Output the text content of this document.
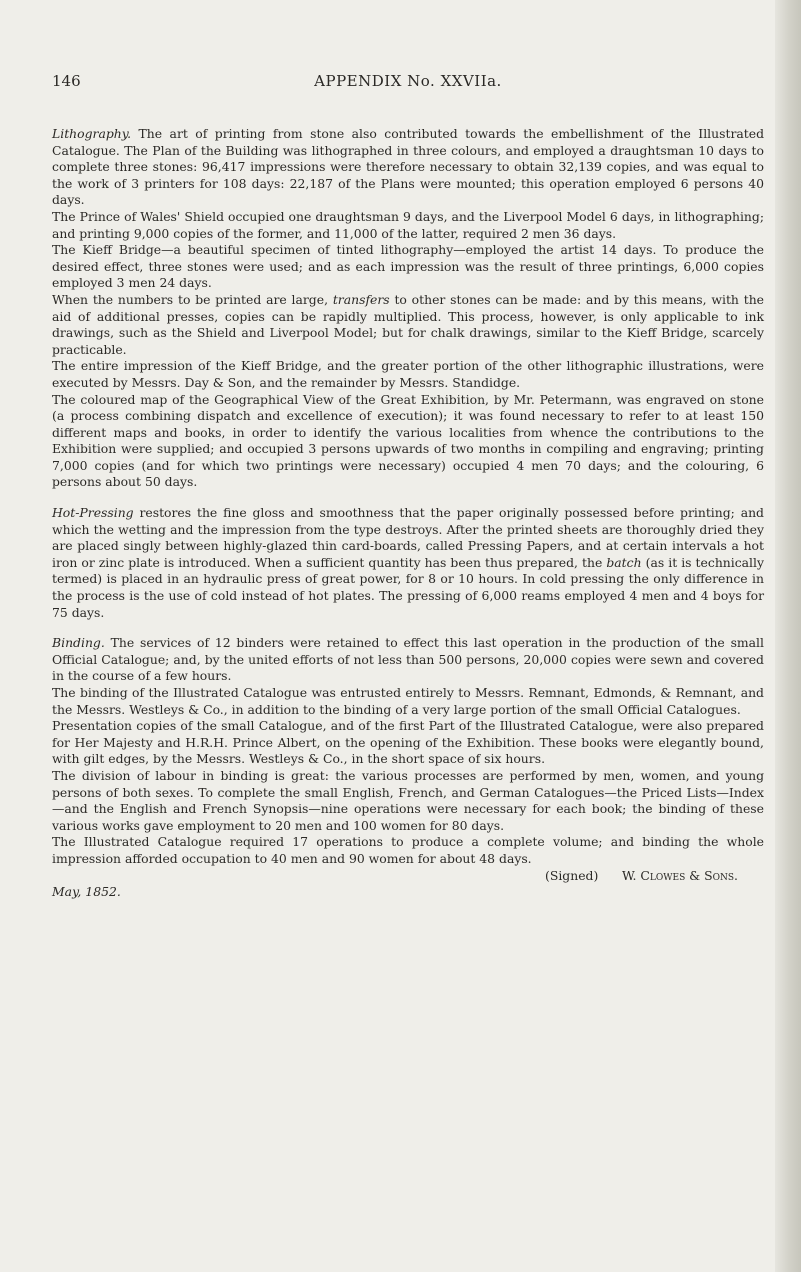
146	APPENDIX No. XXVIIa.

Lithography. The art of printing from stone also contributed towards the embellishment of the Illustrated Catalogue. The Plan of the Building was lithographed in three colours, and employed a draughtsman 10 days to complete three stones: 96,417 impressions were therefore necessary to obtain 32,139 copies, and was equal to the work of 3 printers for 108 days: 22,187 of the Plans were mounted; this operation employed 6 persons 40 days.

The Prince of Wales' Shield occupied one draughtsman 9 days, and the Liverpool Model 6 days, in lithographing; and printing 9,000 copies of the former, and 11,000 of the latter, required 2 men 36 days.

The Kieff Bridge—a beautiful specimen of tinted lithography—employed the artist 14 days. To produce the desired effect, three stones were used; and as each impression was the result of three printings, 6,000 copies employed 3 men 24 days.

When the numbers to be printed are large, transfers to other stones can be made: and by this means, with the aid of additional presses, copies can be rapidly multiplied. This process, however, is only applicable to ink drawings, such as the Shield and Liverpool Model; but for chalk drawings, similar to the Kieff Bridge, scarcely practicable.

The entire impression of the Kieff Bridge, and the greater portion of the other lithographic illustrations, were executed by Messrs. Day & Son, and the remainder by Messrs. Standidge.

The coloured map of the Geographical View of the Great Exhibition, by Mr. Petermann, was engraved on stone (a process combining dispatch and excellence of execution); it was found necessary to refer to at least 150 different maps and books, in order to identify the various localities from whence the contributions to the Exhibition were supplied; and occupied 3 persons upwards of two months in compiling and engraving; printing 7,000 copies (and for which two printings were necessary) occupied 4 men 70 days; and the colouring, 6 persons about 50 days.

Hot-Pressing restores the fine gloss and smoothness that the paper originally possessed before printing; and which the wetting and the impression from the type destroys. After the printed sheets are thoroughly dried they are placed singly between highly-glazed thin card-boards, called Pressing Papers, and at certain intervals a hot iron or zinc plate is introduced. When a sufficient quantity has been thus prepared, the batch (as it is technically termed) is placed in an hydraulic press of great power, for 8 or 10 hours. In cold pressing the only difference in the process is the use of cold instead of hot plates. The pressing of 6,000 reams employed 4 men and 4 boys for 75 days.

Binding. The services of 12 binders were retained to effect this last operation in the production of the small Official Catalogue; and, by the united efforts of not less than 500 persons, 20,000 copies were sewn and covered in the course of a few hours.

The binding of the Illustrated Catalogue was entrusted entirely to Messrs. Remnant, Edmonds, & Remnant, and the Messrs. Westleys & Co., in addition to the binding of a very large portion of the small Official Catalogues.

Presentation copies of the small Catalogue, and of the first Part of the Illustrated Catalogue, were also prepared for Her Majesty and H.R.H. Prince Albert, on the opening of the Exhibition. These books were elegantly bound, with gilt edges, by the Messrs. Westleys & Co., in the short space of six hours.

The division of labour in binding is great: the various processes are performed by men, women, and young persons of both sexes. To complete the small English, French, and German Catalogues—the Priced Lists—Index—and the English and French Synopsis—nine operations were necessary for each book; the binding of these various works gave employment to 20 men and 100 women for 80 days.

The Illustrated Catalogue required 17 operations to produce a complete volume; and binding the whole impression afforded occupation to 40 men and 90 women for about 48 days.

(Signed) W. Clowes & Sons.
May, 1852.
